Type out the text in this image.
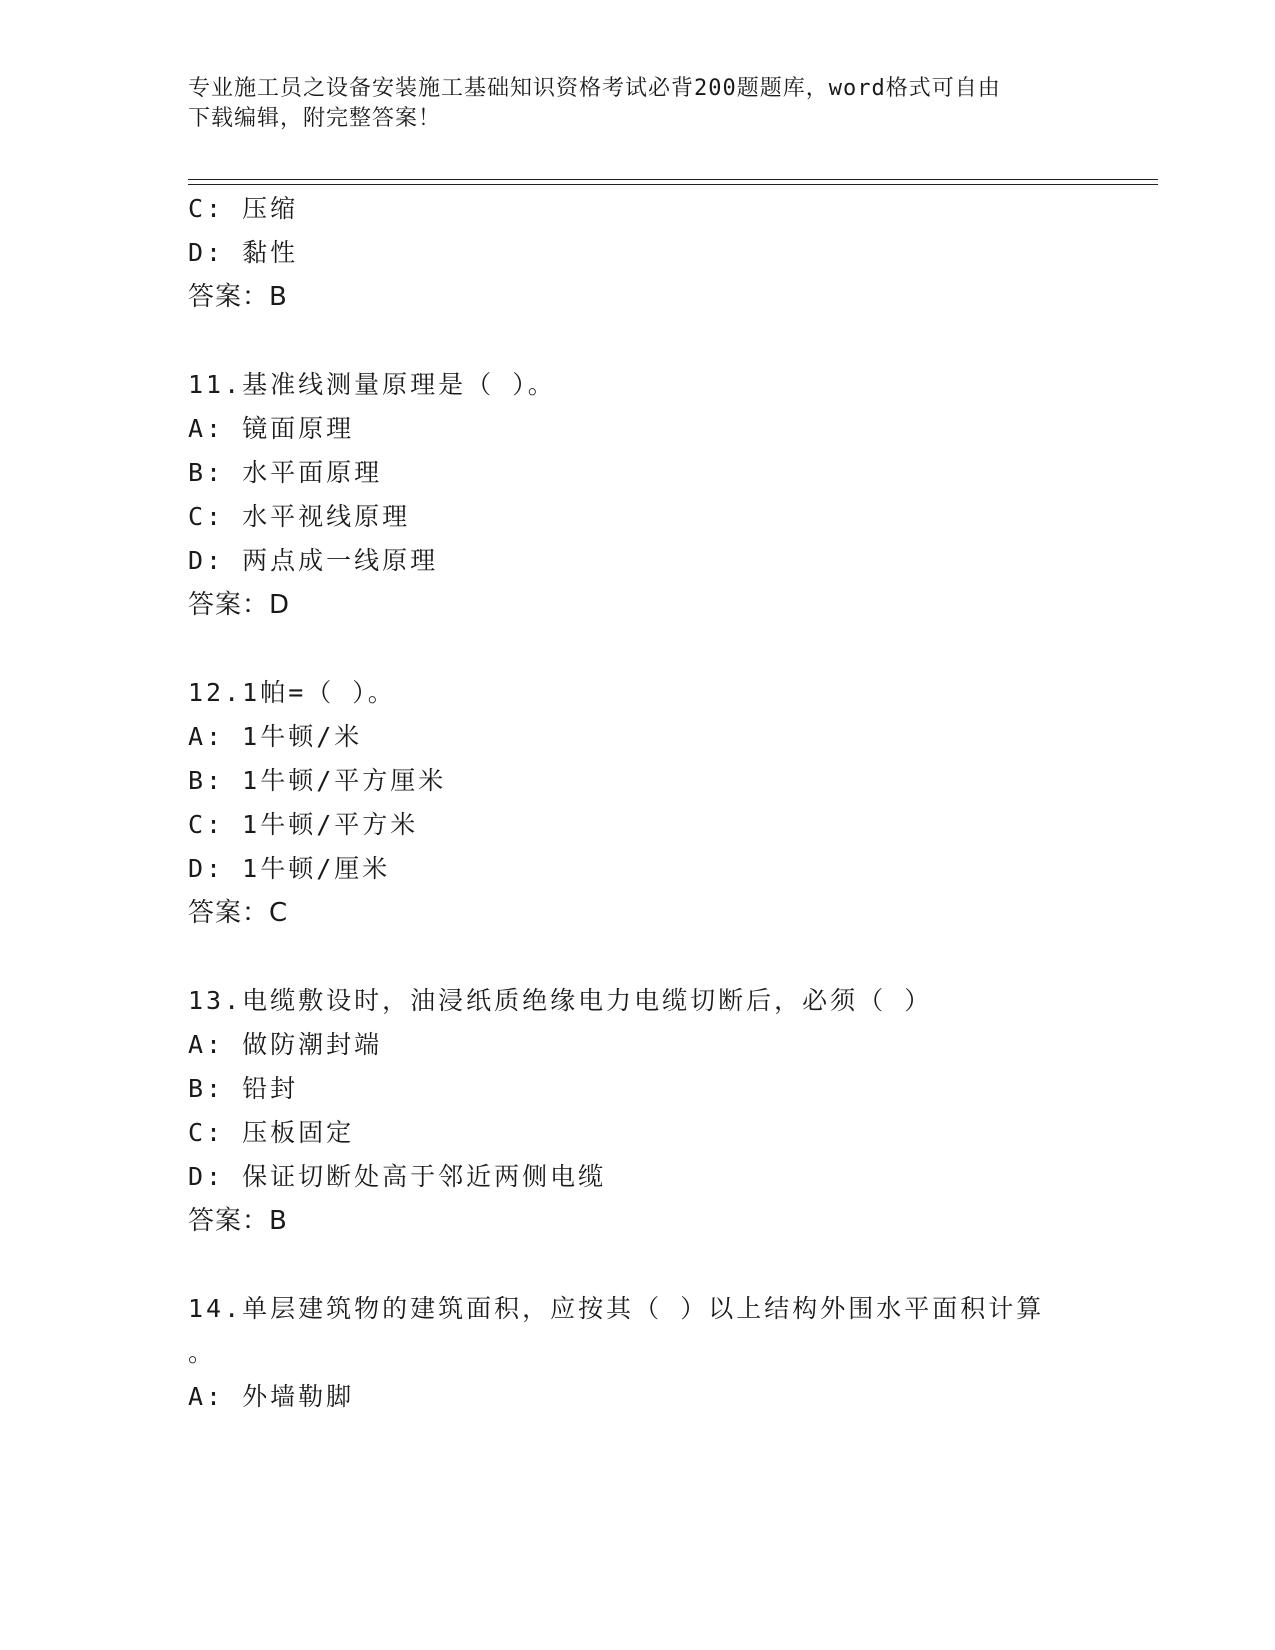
专业施工员之设备安装施工基础知识资格考试必背200题题库，word格式可自由
下载编辑，附完整答案！
C: 压缩
D: 黏性
答案：B
11.基准线测量原理是（ ）。
A: 镜面原理
B: 水平面原理
C: 水平视线原理
D: 两点成一线原理
答案：D
12.1帕=（ ）。
A: 1牛顿/米
B: 1牛顿/平方厘米
C: 1牛顿/平方米
D: 1牛顿/厘米
答案：C
13.电缆敷设时，油浸纸质绝缘电力电缆切断后，必须（ ）
A: 做防潮封端
B: 铅封
C: 压板固定
D: 保证切断处高于邻近两侧电缆
答案：B
14.单层建筑物的建筑面积，应按其（ ）以上结构外围水平面积计算
。
A: 外墙勒脚
